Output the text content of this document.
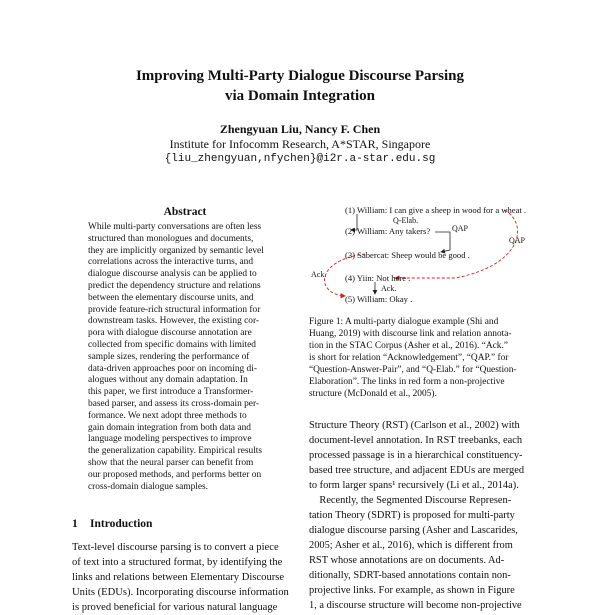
Improving Multi-Party Dialogue Discourse Parsing
via Domain Integration
Zhengyuan Liu, Nancy F. Chen
Institute for Infocomm Research, A*STAR, Singapore
{liu_zhengyuan,nfychen}@i2r.a-star.edu.sg
Abstract
While multi-party conversations are often less
structured than monologues and documents,
they are implicitly organized by semantic level
correlations across the interactive turns, and
dialogue discourse analysis can be applied to
predict the dependency structure and relations
between the elementary discourse units, and
provide feature-rich structural information for
downstream tasks. However, the existing cor-
pora with dialogue discourse annotation are
collected from specific domains with limited
sample sizes, rendering the performance of
data-driven approaches poor on incoming di-
alogues without any domain adaptation. In
this paper, we first introduce a Transformer-
based parser, and assess its cross-domain per-
formance. We next adopt three methods to
gain domain integration from both data and
language modeling perspectives to improve
the generalization capability. Empirical results
show that the neural parser can benefit from
our proposed methods, and performs better on
cross-domain dialogue samples.
1 Introduction
Text-level discourse parsing is to convert a piece
of text into a structured format, by identifying the
links and relations between Elementary Discourse
Units (EDUs). Incorporating discourse information
is proved beneficial for various natural language
(1) William: I can give a sheep in wood for a wheat .
(2) William: Any takers?
(3) Sabercat: Sheep would be good .
(4) Yiin: Not here .
(5) William: Okay .
Q-Elab.
QAP
QAP
Ack.
Ack.
Figure 1: A multi-party dialogue example (Shi and
Huang, 2019) with discourse link and relation annota-
tion in the STAC Corpus (Asher et al., 2016). “Ack.”
is short for relation “Acknowledgement”, “QAP.” for
“Question-Answer-Pair”, and “Q-Elab.” for “Question-
Elaboration”. The links in red form a non-projective
structure (McDonald et al., 2005).
Structure Theory (RST) (Carlson et al., 2002) with
document-level annotation. In RST treebanks, each
processed passage is in a hierarchical constituency-
based tree structure, and adjacent EDUs are merged
to form larger spans¹ recursively (Li et al., 2014a).
Recently, the Segmented Discourse Represen-
tation Theory (SDRT) is proposed for multi-party
dialogue discourse parsing (Asher and Lascarides,
2005; Asher et al., 2016), which is different from
RST whose annotations are on documents. Ad-
ditionally, SDRT-based annotations contain non-
projective links. For example, as shown in Figure
1, a discourse structure will become non-projective
